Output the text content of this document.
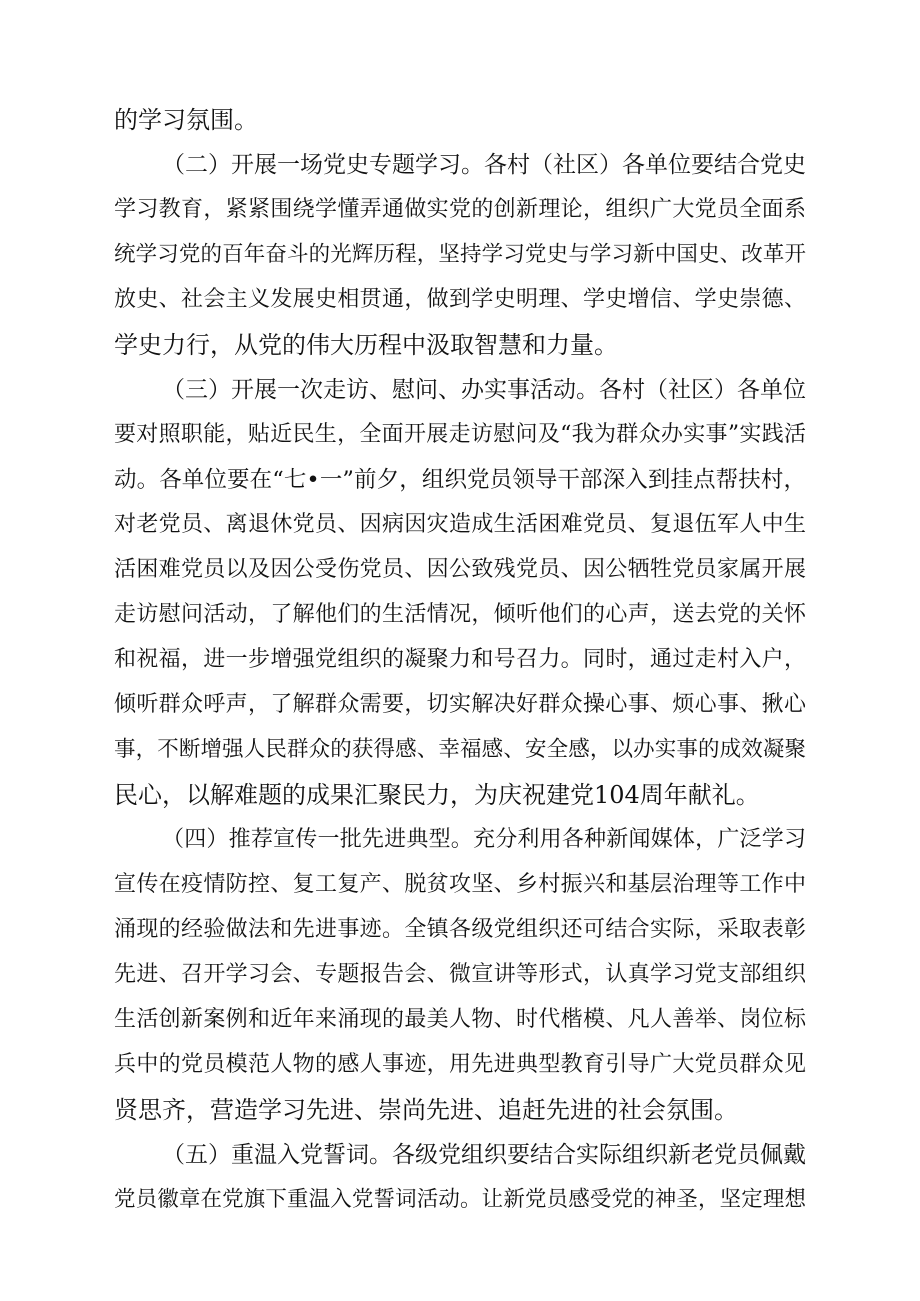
的学习氛围。
（二）开展一场党史专题学习。各村（社区）各单位要结合党史
学习教育，紧紧围绕学懂弄通做实党的创新理论，组织广大党员全面系
统学习党的百年奋斗的光辉历程，坚持学习党史与学习新中国史、改革开
放史、社会主义发展史相贯通，做到学史明理、学史增信、学史崇德、
学史力行，从党的伟大历程中汲取智慧和力量。
（三）开展一次走访、慰问、办实事活动。各村（社区）各单位
要对照职能，贴近民生，全面开展走访慰问及“我为群众办实事”实践活
动。各单位要在“七•一”前夕，组织党员领导干部深入到挂点帮扶村，
对老党员、离退休党员、因病因灾造成生活困难党员、复退伍军人中生
活困难党员以及因公受伤党员、因公致残党员、因公牺牲党员家属开展
走访慰问活动，了解他们的生活情况，倾听他们的心声，送去党的关怀
和祝福，进一步增强党组织的凝聚力和号召力。同时，通过走村入户，
倾听群众呼声，了解群众需要，切实解决好群众操心事、烦心事、揪心
事，不断增强人民群众的获得感、幸福感、安全感，以办实事的成效凝聚
民心，以解难题的成果汇聚民力，为庆祝建党104周年献礼。
（四）推荐宣传一批先进典型。充分利用各种新闻媒体，广泛学习
宣传在疫情防控、复工复产、脱贫攻坚、乡村振兴和基层治理等工作中
涌现的经验做法和先进事迹。全镇各级党组织还可结合实际，采取表彰
先进、召开学习会、专题报告会、微宣讲等形式，认真学习党支部组织
生活创新案例和近年来涌现的最美人物、时代楷模、凡人善举、岗位标
兵中的党员模范人物的感人事迹，用先进典型教育引导广大党员群众见
贤思齐，营造学习先进、崇尚先进、追赶先进的社会氛围。
（五）重温入党誓词。各级党组织要结合实际组织新老党员佩戴
党员徽章在党旗下重温入党誓词活动。让新党员感受党的神圣，坚定理想
